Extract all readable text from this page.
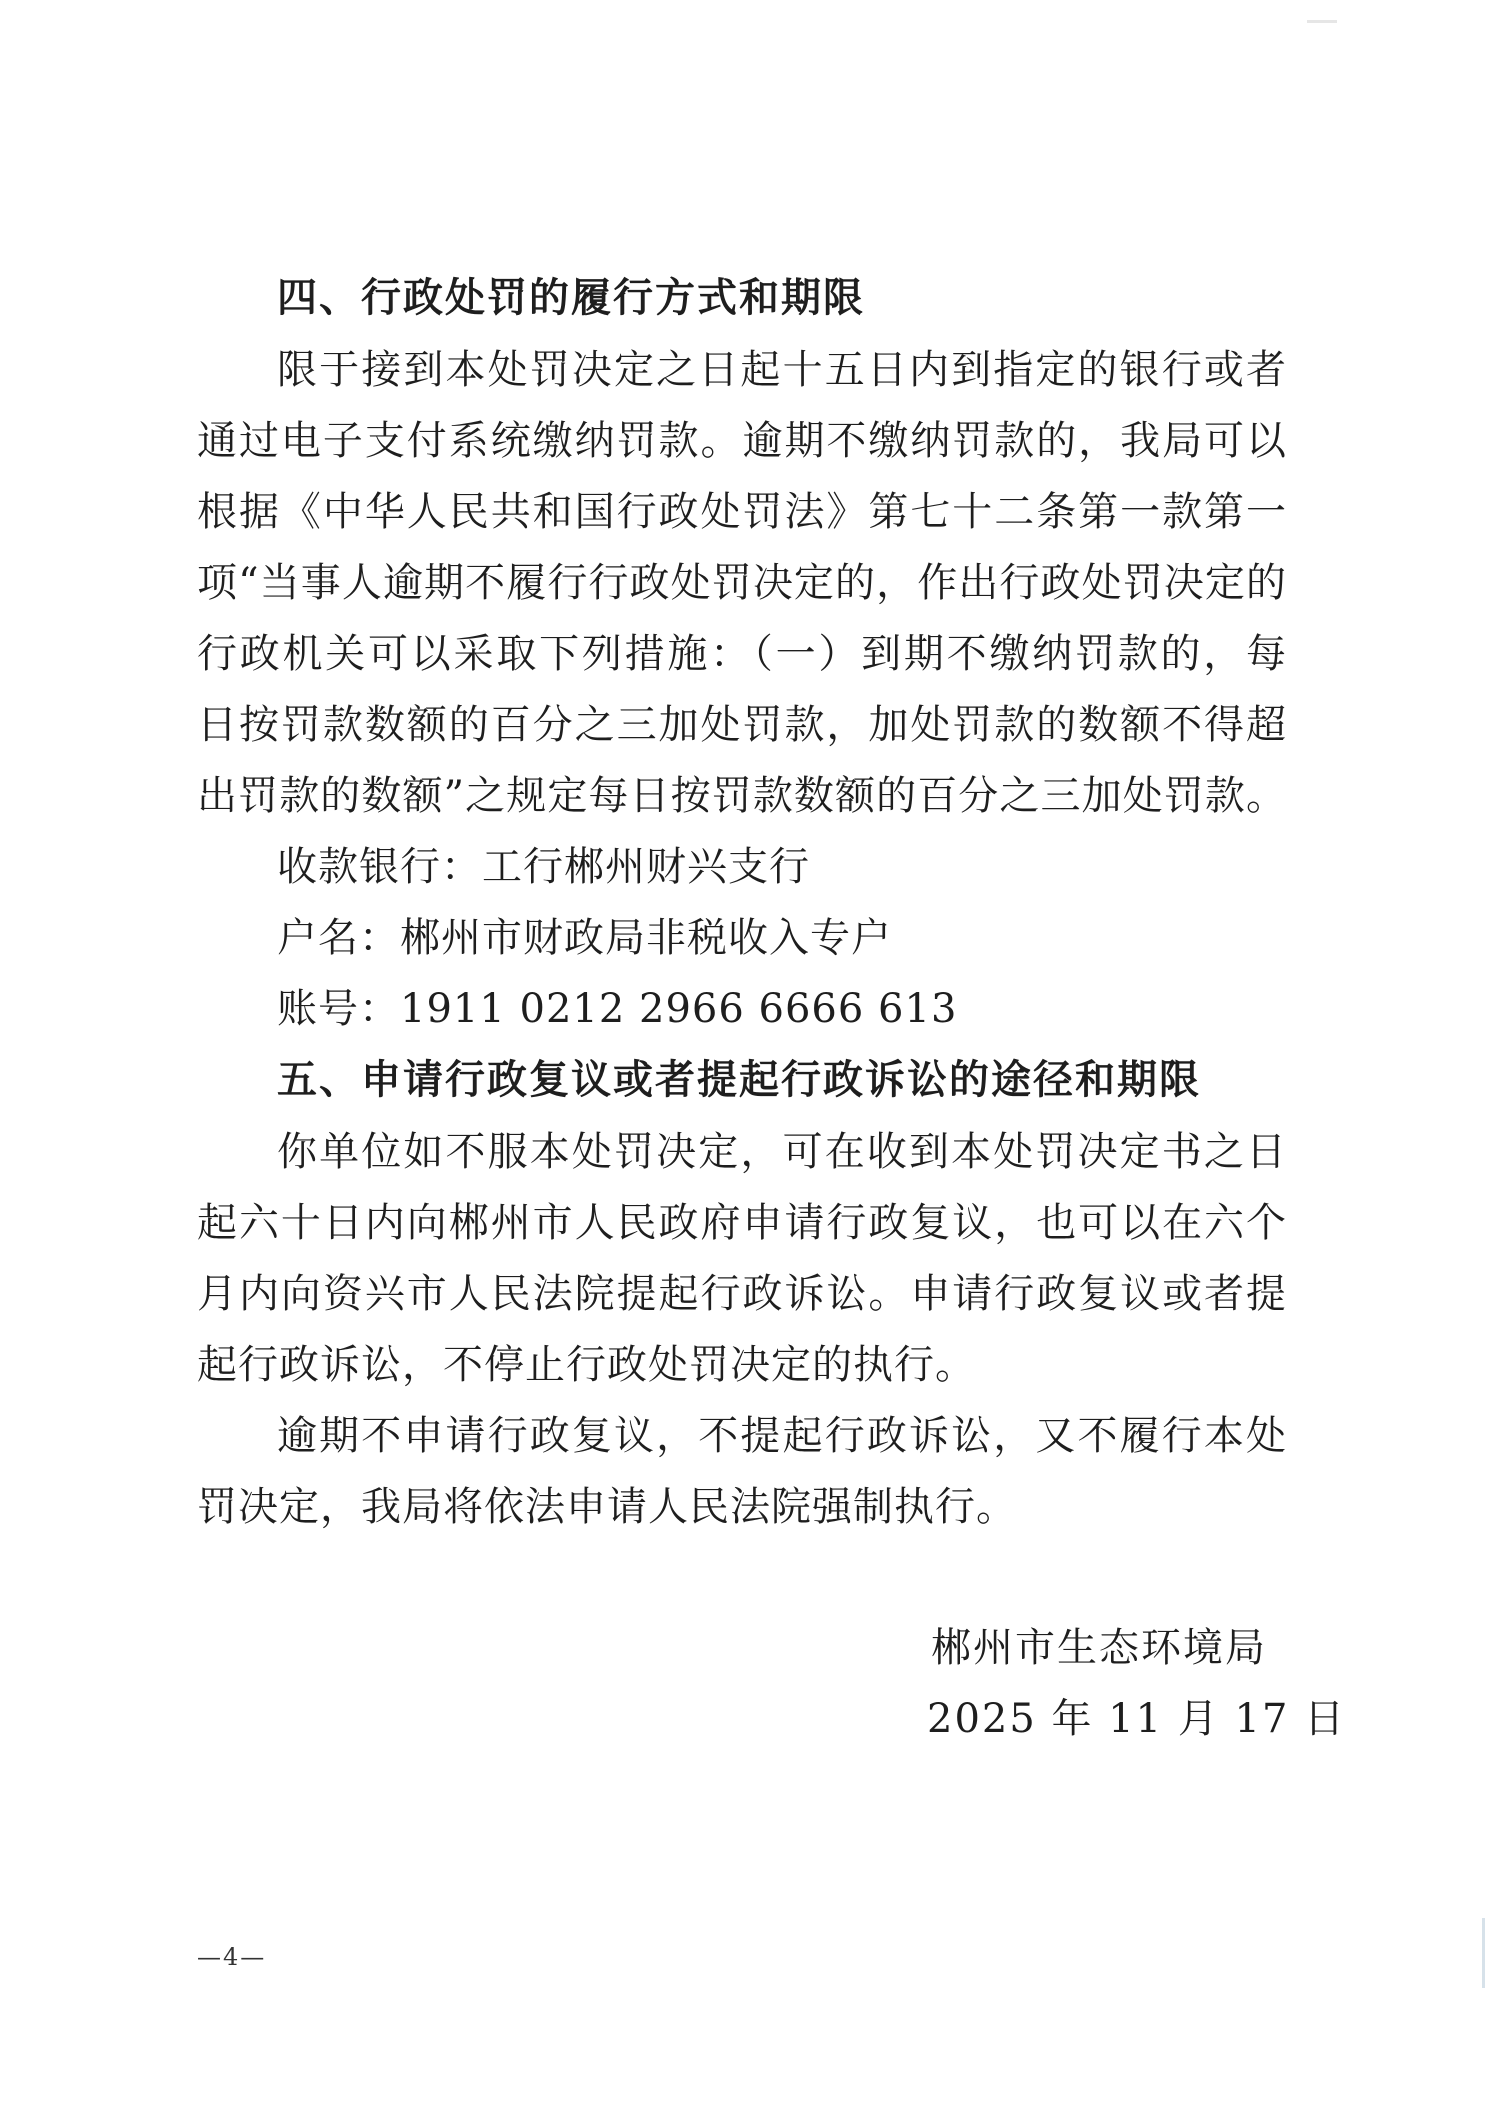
四、行政处罚的履行方式和期限
限于接到本处罚决定之日起十五日内到指定的银行或者
通过电子支付系统缴纳罚款。逾期不缴纳罚款的，我局可以
根据《中华人民共和国行政处罚法》第七十二条第一款第一
项“当事人逾期不履行行政处罚决定的，作出行政处罚决定的
行政机关可以采取下列措施：（一）到期不缴纳罚款的，每
日按罚款数额的百分之三加处罚款，加处罚款的数额不得超
出罚款的数额”之规定每日按罚款数额的百分之三加处罚款。
收款银行：工行郴州财兴支行
户名：郴州市财政局非税收入专户
账号：1911 0212 2966 6666 613
五、申请行政复议或者提起行政诉讼的途径和期限
你单位如不服本处罚决定，可在收到本处罚决定书之日
起六十日内向郴州市人民政府申请行政复议，也可以在六个
月内向资兴市人民法院提起行政诉讼。申请行政复议或者提
起行政诉讼，不停止行政处罚决定的执行。
逾期不申请行政复议，不提起行政诉讼，又不履行本处
罚决定，我局将依法申请人民法院强制执行。
郴州市生态环境局
2025 年 11 月 17 日
—4—
